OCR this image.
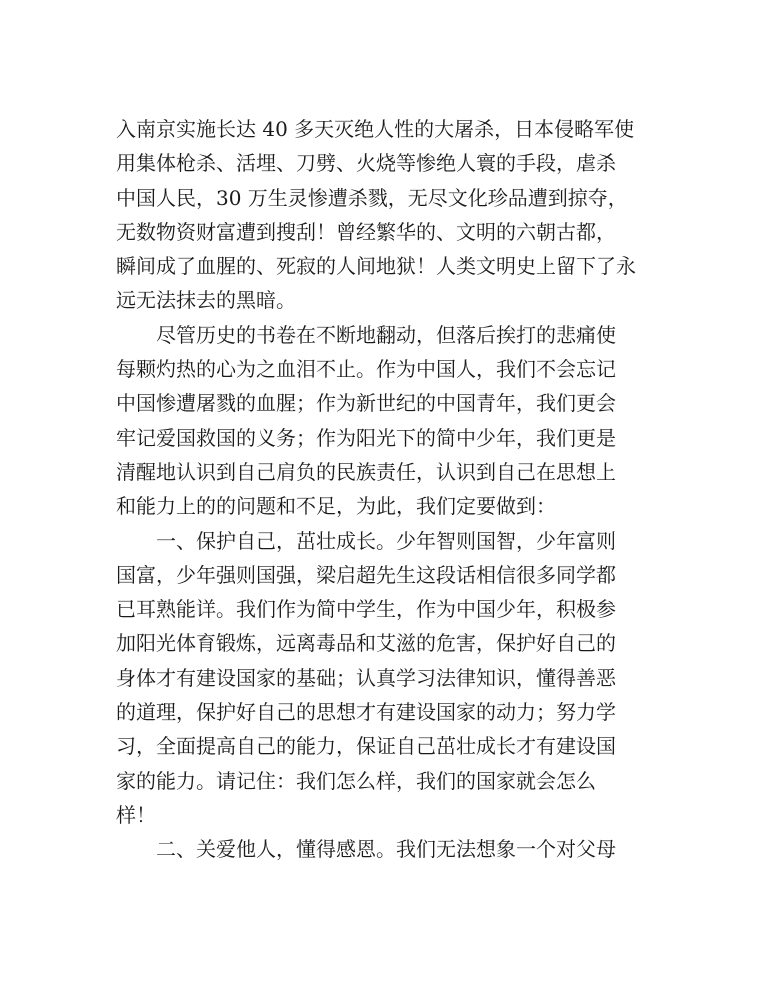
入南京实施长达 40 多天灭绝人性的大屠杀，日本侵略军使
用集体枪杀、活埋、刀劈、火烧等惨绝人寰的手段，虐杀
中国人民，30 万生灵惨遭杀戮，无尽文化珍品遭到掠夺，
无数物资财富遭到搜刮！曾经繁华的、文明的六朝古都，
瞬间成了血腥的、死寂的人间地狱！人类文明史上留下了永
远无法抹去的黑暗。
尽管历史的书卷在不断地翻动，但落后挨打的悲痛使
每颗灼热的心为之血泪不止。作为中国人，我们不会忘记
中国惨遭屠戮的血腥；作为新世纪的中国青年，我们更会
牢记爱国救国的义务；作为阳光下的简中少年，我们更是
清醒地认识到自己肩负的民族责任，认识到自己在思想上
和能力上的的问题和不足，为此，我们定要做到：
一、保护自己，茁壮成长。少年智则国智，少年富则
国富，少年强则国强，梁启超先生这段话相信很多同学都
已耳熟能详。我们作为简中学生，作为中国少年，积极参
加阳光体育锻炼，远离毒品和艾滋的危害，保护好自己的
身体才有建设国家的基础；认真学习法律知识，懂得善恶
的道理，保护好自己的思想才有建设国家的动力；努力学
习，全面提高自己的能力，保证自己茁壮成长才有建设国
家的能力。请记住：我们怎么样，我们的国家就会怎么
样！
二、关爱他人，懂得感恩。我们无法想象一个对父母
